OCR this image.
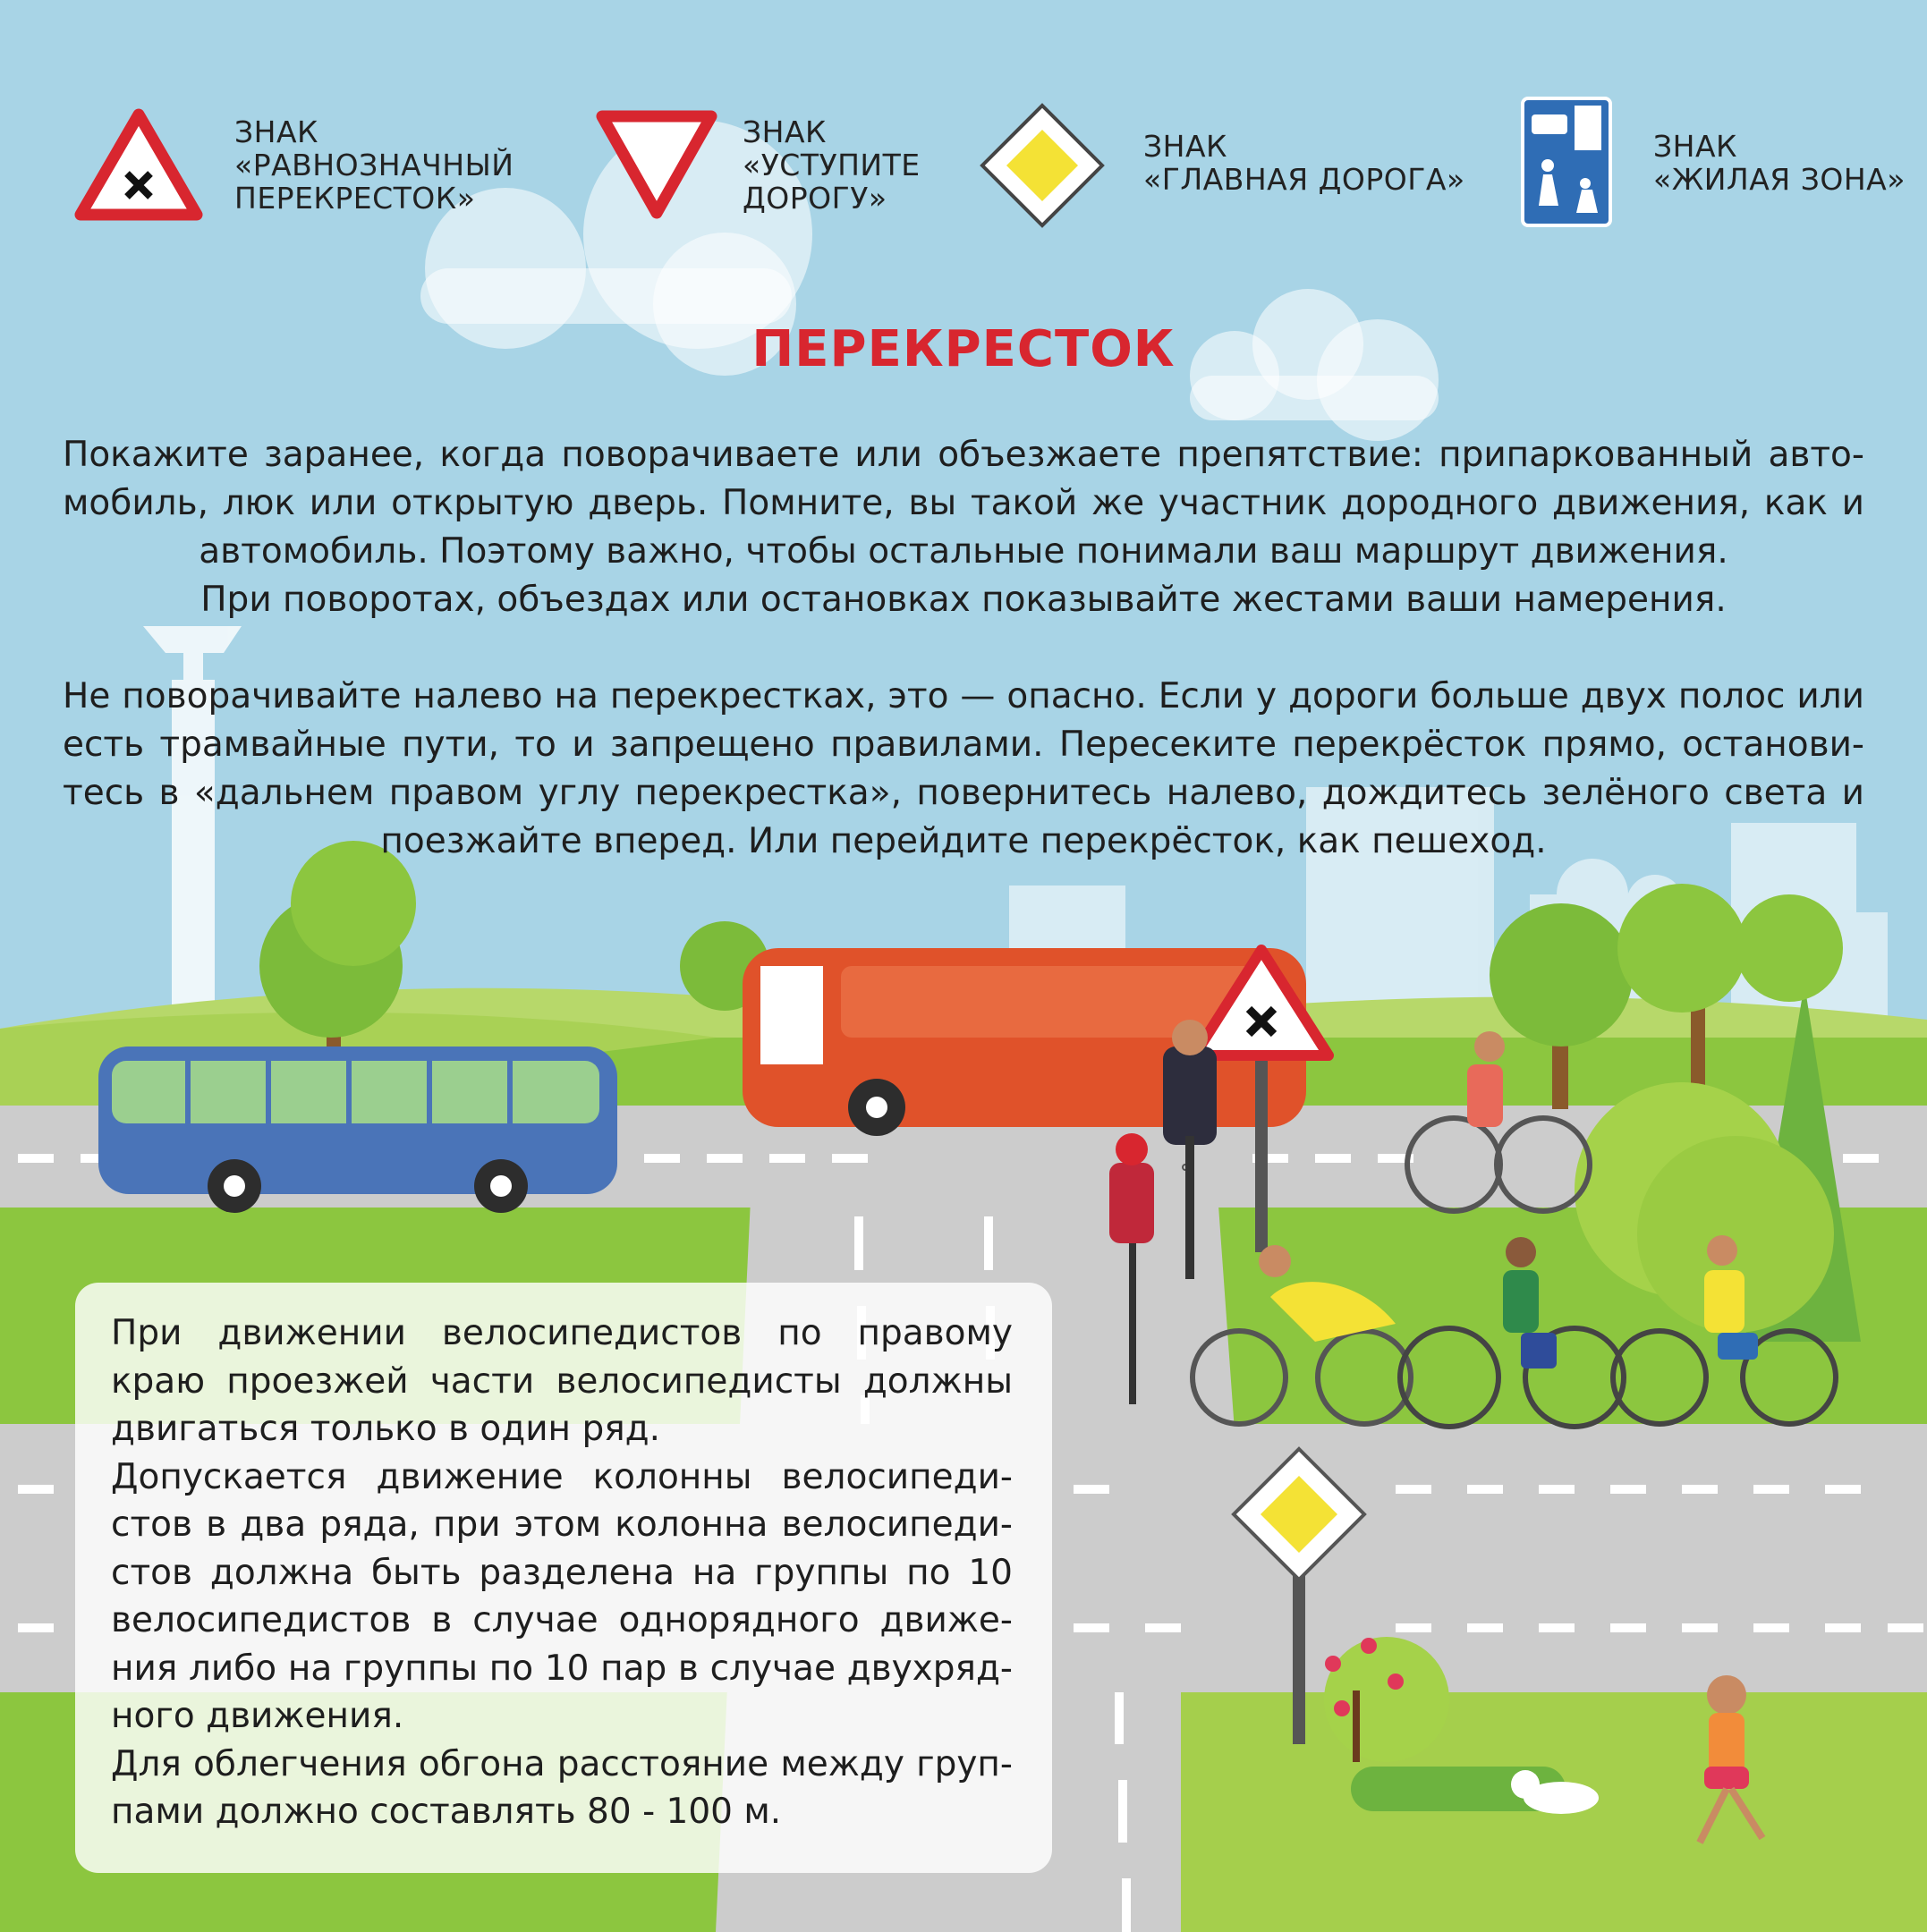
ЗНАК
«РАВНОЗНАЧНЫЙ
ПЕРЕКРЕСТОК»
ЗНАК
«УСТУПИТЕ
ДОРОГУ»
ЗНАК
«ГЛАВНАЯ ДОРОГА»
ЗНАК
«ЖИЛАЯ ЗОНА»
ПЕРЕКРЕСТОК
Покажите заранее, когда поворачиваете или объезжаете препятствие: припаркованный авто-
мобиль, люк или открытую дверь. Помните, вы такой же участник дородного движения, как и
автомобиль. Поэтому важно, чтобы остальные понимали ваш маршрут движения.
При поворотах, объездах или остановках показывайте жестами ваши намерения.
Не поворачивайте налево на перекрестках, это — опасно. Если у дороги больше двух полос или
есть трамвайные пути, то и запрещено правилами. Пересеките перекрёсток прямо, останови-
тесь в «дальнем правом углу перекрестка», повернитесь налево, дождитесь зелёного света и
поезжайте вперед. Или перейдите перекрёсток, как пешеход.
При движении велосипедистов по правому
краю проезжей части велосипедисты должны
двигаться только в один ряд.
Допускается движение колонны велосипеди-
стов в два ряда, при этом колонна велосипеди-
стов должна быть разделена на группы по 10
велосипедистов в случае однорядного движе-
ния либо на группы по 10 пар в случае двухряд-
ного движения.
Для облегчения обгона расстояние между груп-
пами должно составлять 80 - 100 м.
